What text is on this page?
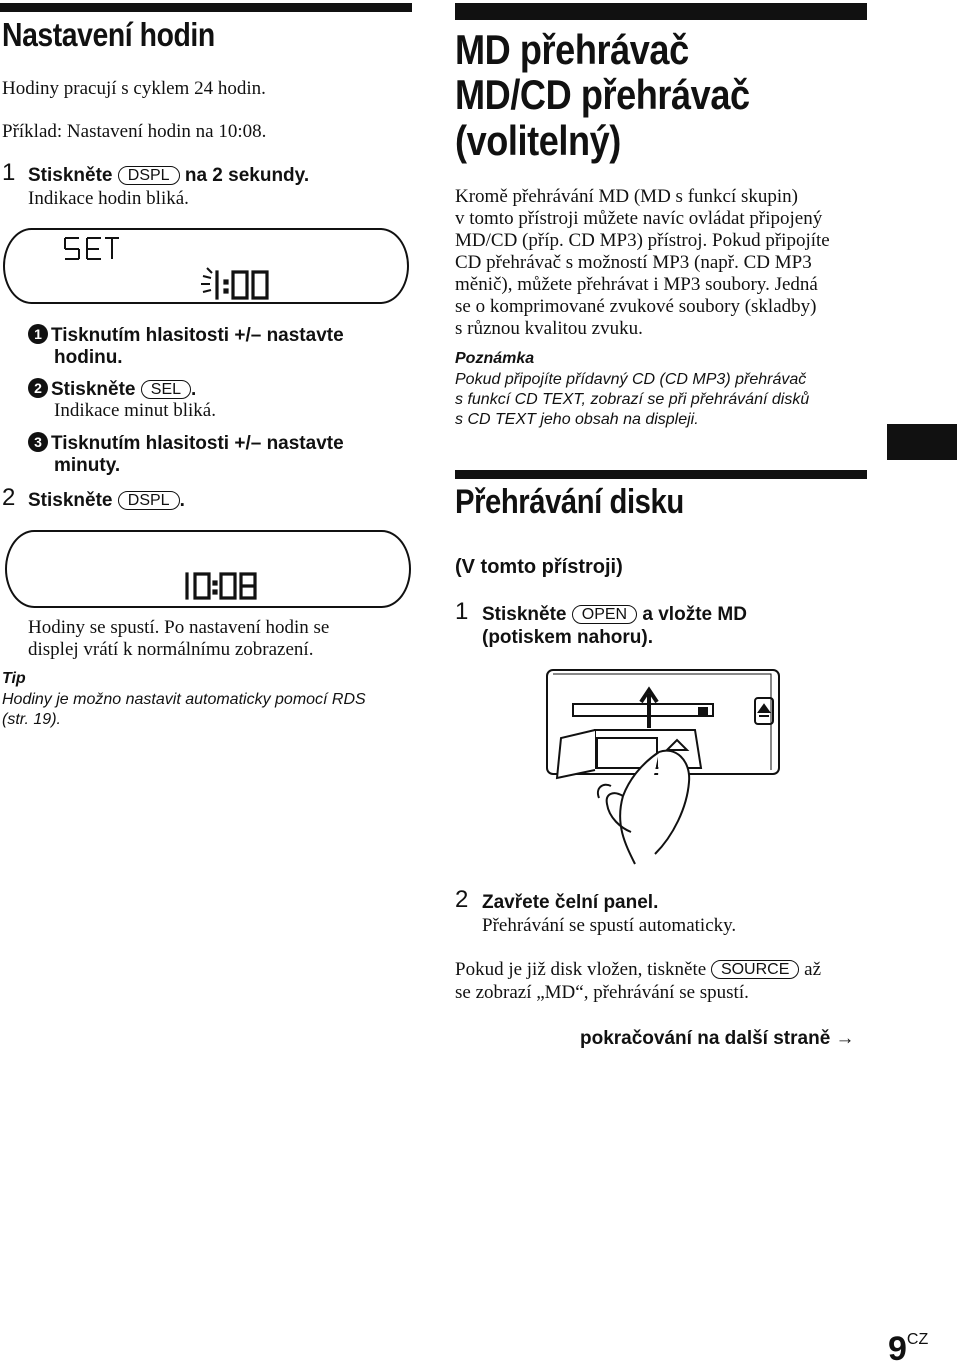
Nastavení hodin
Hodiny pracují s cyklem 24 hodin.
Příklad: Nastavení hodin na 10:08.
1 Stiskněte DSPL na 2 sekundy.
Indikace hodin bliká.
1 Tisknutím hlasitosti +/– nastavte
hodinu.
2 Stiskněte SEL .
Indikace minut bliká.
3 Tisknutím hlasitosti +/– nastavte
minuty.
2 Stiskněte DSPL .
Hodiny se spustí. Po nastavení hodin se
displej vrátí k normálnímu zobrazení.
Tip
Hodiny je možno nastavit automaticky pomocí RDS
(str. 19).
MD přehrávač
MD/CD přehrávač
(volitelný)
Kromě přehrávání MD (MD s funkcí skupin)
v tomto přístroji můžete navíc ovládat připojený
MD/CD (příp. CD MP3) přístroj. Pokud připojíte
CD přehrávač s možností MP3 (např. CD MP3
měnič), můžete přehrávat i MP3 soubory. Jedná
se o komprimované zvukové soubory (skladby)
s různou kvalitou zvuku.
Poznámka
Pokud připojíte přídavný CD (CD MP3) přehrávač
s funkcí CD TEXT, zobrazí se při přehrávání disků
s CD TEXT jeho obsah na displeji.
Přehrávání disku
(V tomto přístroji)
1 Stiskněte OPEN a vložte MD
(potiskem nahoru).
2 Zavřete čelní panel.
Přehrávání se spustí automaticky.
Pokud je již disk vložen, tiskněte SOURCE až
se zobrazí „MD“, přehrávání se spustí.
pokračování na další straně →
9CZ
